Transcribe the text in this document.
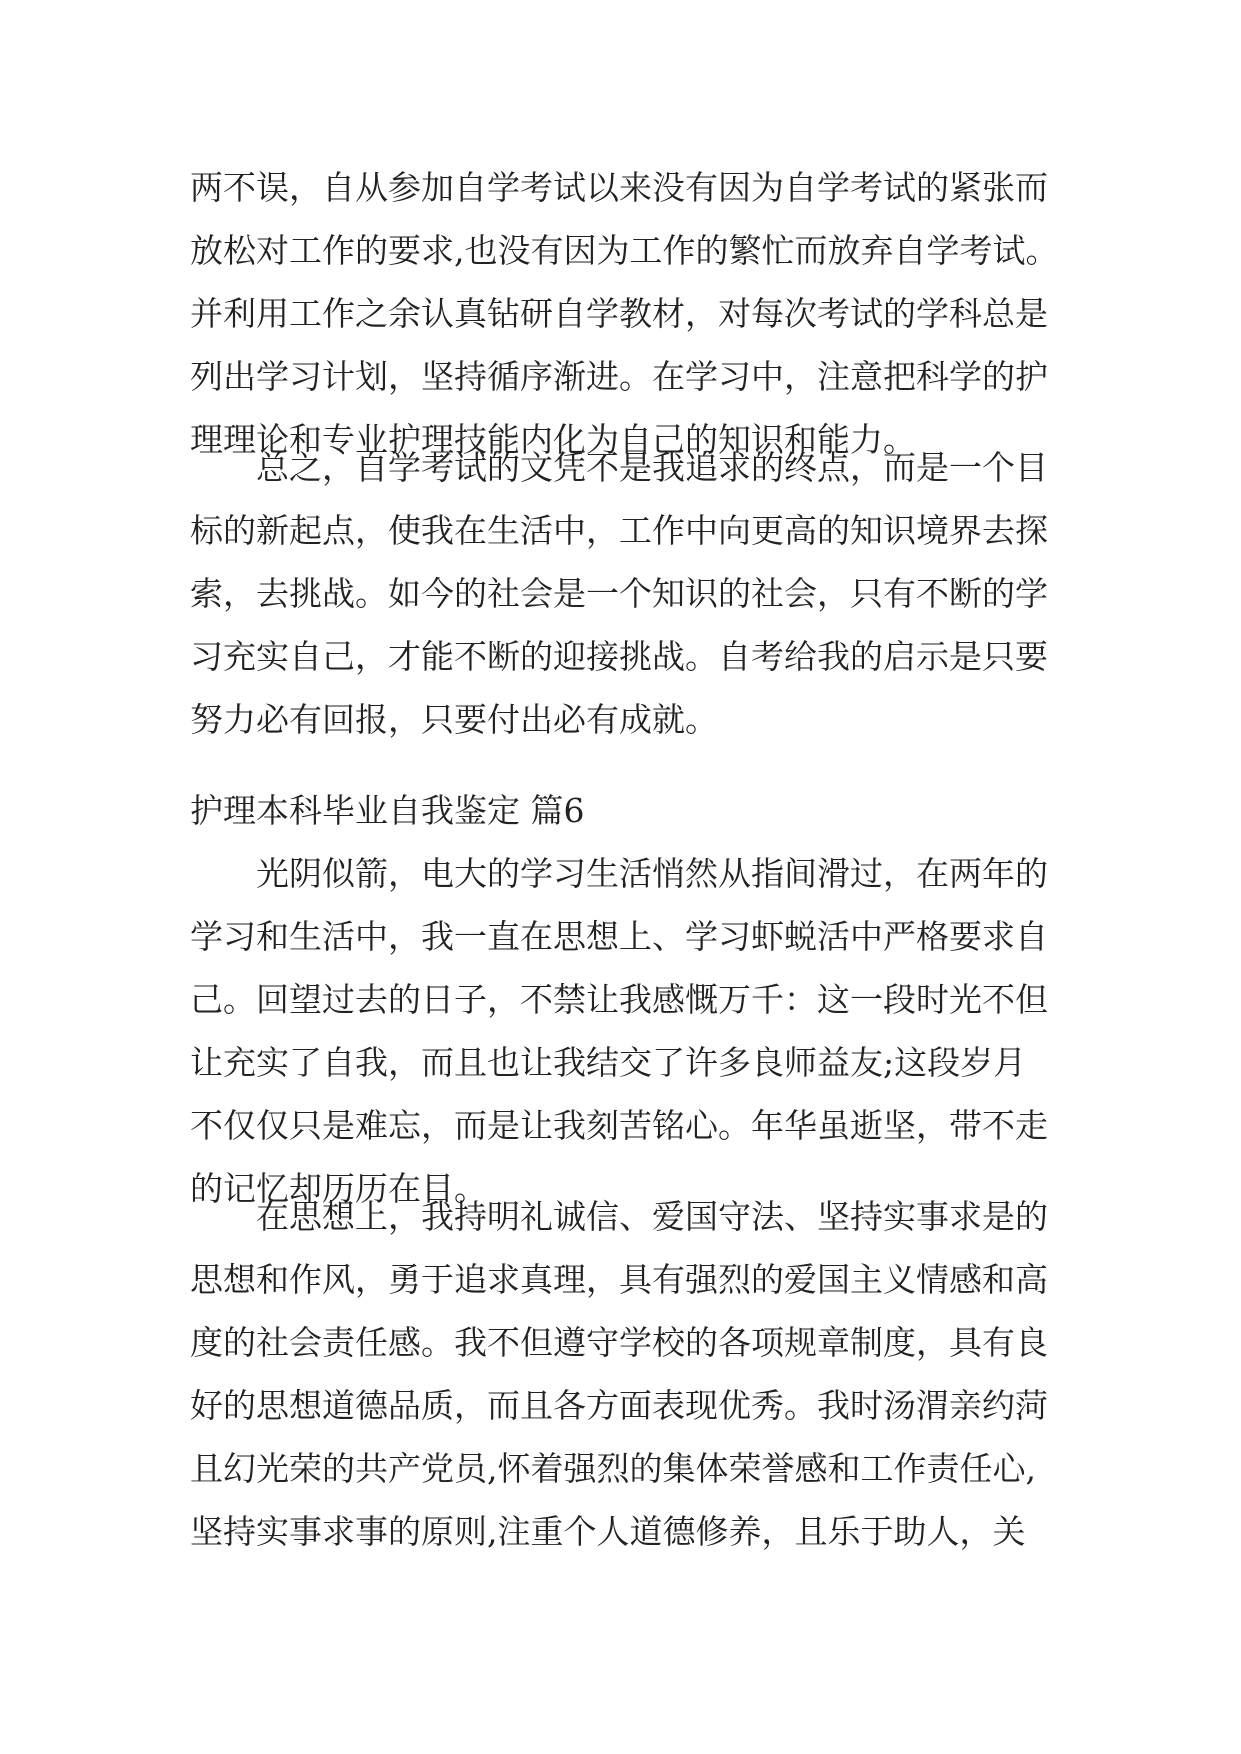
两不误，自从参加自学考试以来没有因为自学考试的紧张而
放松对工作的要求,也没有因为工作的繁忙而放弃自学考试。
并利用工作之余认真钻研自学教材，对每次考试的学科总是
列出学习计划，坚持循序渐进。在学习中，注意把科学的护
理理论和专业护理技能内化为自己的知识和能力。
总之，自学考试的文凭不是我追求的终点，而是一个目
标的新起点，使我在生活中，工作中向更高的知识境界去探
索，去挑战。如今的社会是一个知识的社会，只有不断的学
习充实自己，才能不断的迎接挑战。自考给我的启示是只要
努力必有回报，只要付出必有成就。
护理本科毕业自我鉴定 篇6
光阴似箭，电大的学习生活悄然从指间滑过，在两年的
学习和生活中，我一直在思想上、学习虾蜕活中严格要求自
己。回望过去的日子，不禁让我感慨万千：这一段时光不但
让充实了自我，而且也让我结交了许多良师益友;这段岁月
不仅仅只是难忘，而是让我刻苦铭心。年华虽逝坚，带不走
的记忆却历历在目。
在思想上，我持明礼诚信、爱国守法、坚持实事求是的
思想和作风，勇于追求真理，具有强烈的爱国主义情感和高
度的社会责任感。我不但遵守学校的各项规章制度，具有良
好的思想道德品质，而且各方面表现优秀。我时汤渭亲约菏
且幻光荣的共产党员,怀着强烈的集体荣誉感和工作责任心,
坚持实事求事的原则,注重个人道德修养，且乐于助人，关
